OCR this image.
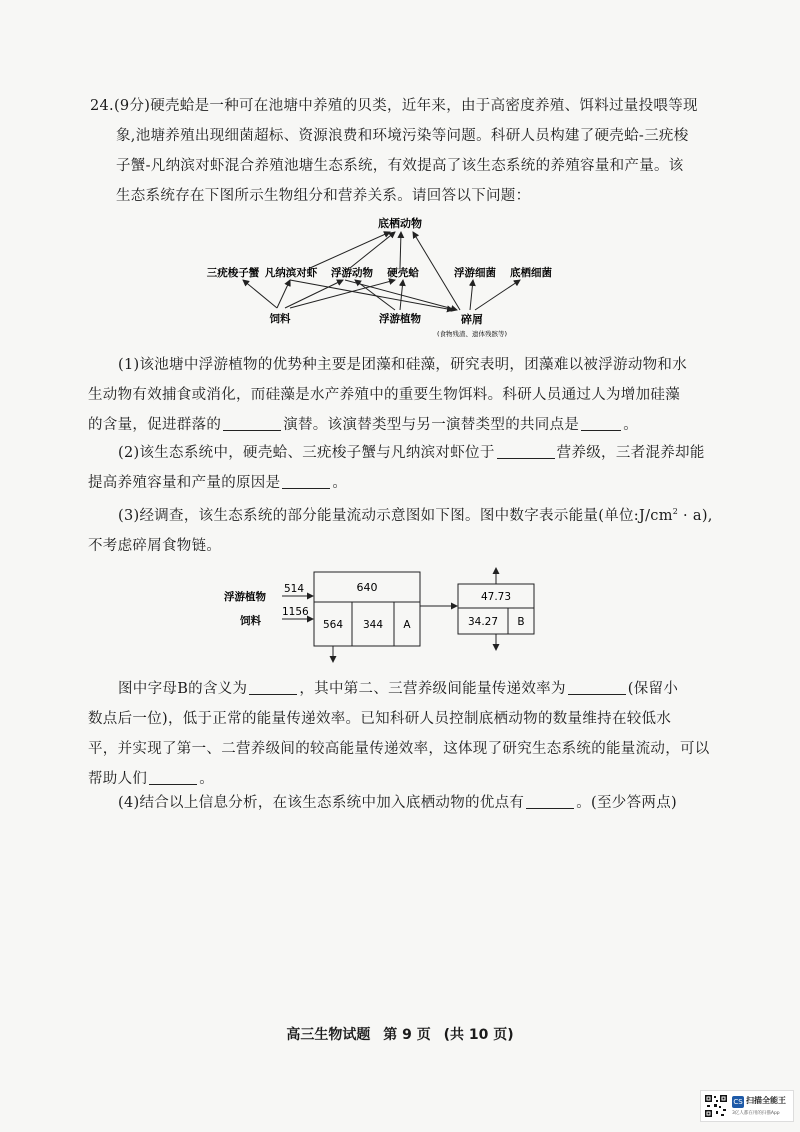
24.(9分)硬壳蛤是一种可在池塘中养殖的贝类，近年来，由于高密度养殖、饵料过量投喂等现
象,池塘养殖出现细菌超标、资源浪费和环境污染等问题。科研人员构建了硬壳蛤-三疣梭
子蟹-凡纳滨对虾混合养殖池塘生态系统，有效提高了该生态系统的养殖容量和产量。该
生态系统存在下图所示生物组分和营养关系。请回答以下问题：
底栖动物
三疣梭子蟹 凡纳滨对虾 浮游动物 硬壳蛤	浮游细菌 底栖细菌
饲料	浮游植物	碎屑
(食物残渣、遗体残骸等)
(1)该池塘中浮游植物的优势种主要是团藻和硅藻，研究表明，团藻难以被浮游动物和水
生动物有效捕食或消化，而硅藻是水产养殖中的重要生物饵料。科研人员通过人为增加硅藻
的含量，促进群落的	演替。该演替类型与另一演替类型的共同点是	。
(2)该生态系统中，硬壳蛤、三疣梭子蟹与凡纳滨对虾位于	营养级，三者混养却能
提高养殖容量和产量的原因是	。
(3)经调查，该生态系统的部分能量流动示意图如下图。图中数字表示能量(单位$:J/cm^2 \cdot a$),
不考虑碎屑食物链。
浮游植物
514
饲料
1156
640
564 344 A
47.73
34.27 B
图中字母B的含义为	，其中第二、三营养级间能量传递效率为	(保留小
数点后一位)，低于正常的能量传递效率。已知科研人员控制底栖动物的数量维持在较低水
平，并实现了第一、二营养级间的较高能量传递效率，这体现了研究生态系统的能量流动，可以
帮助人们	。
(4)结合以上信息分析，在该生态系统中加入底栖动物的优点有	。(至少答两点)
高三生物试题 第 9 页 (共 10 页)
CS 扫描全能王
3亿人都在用的扫描App
